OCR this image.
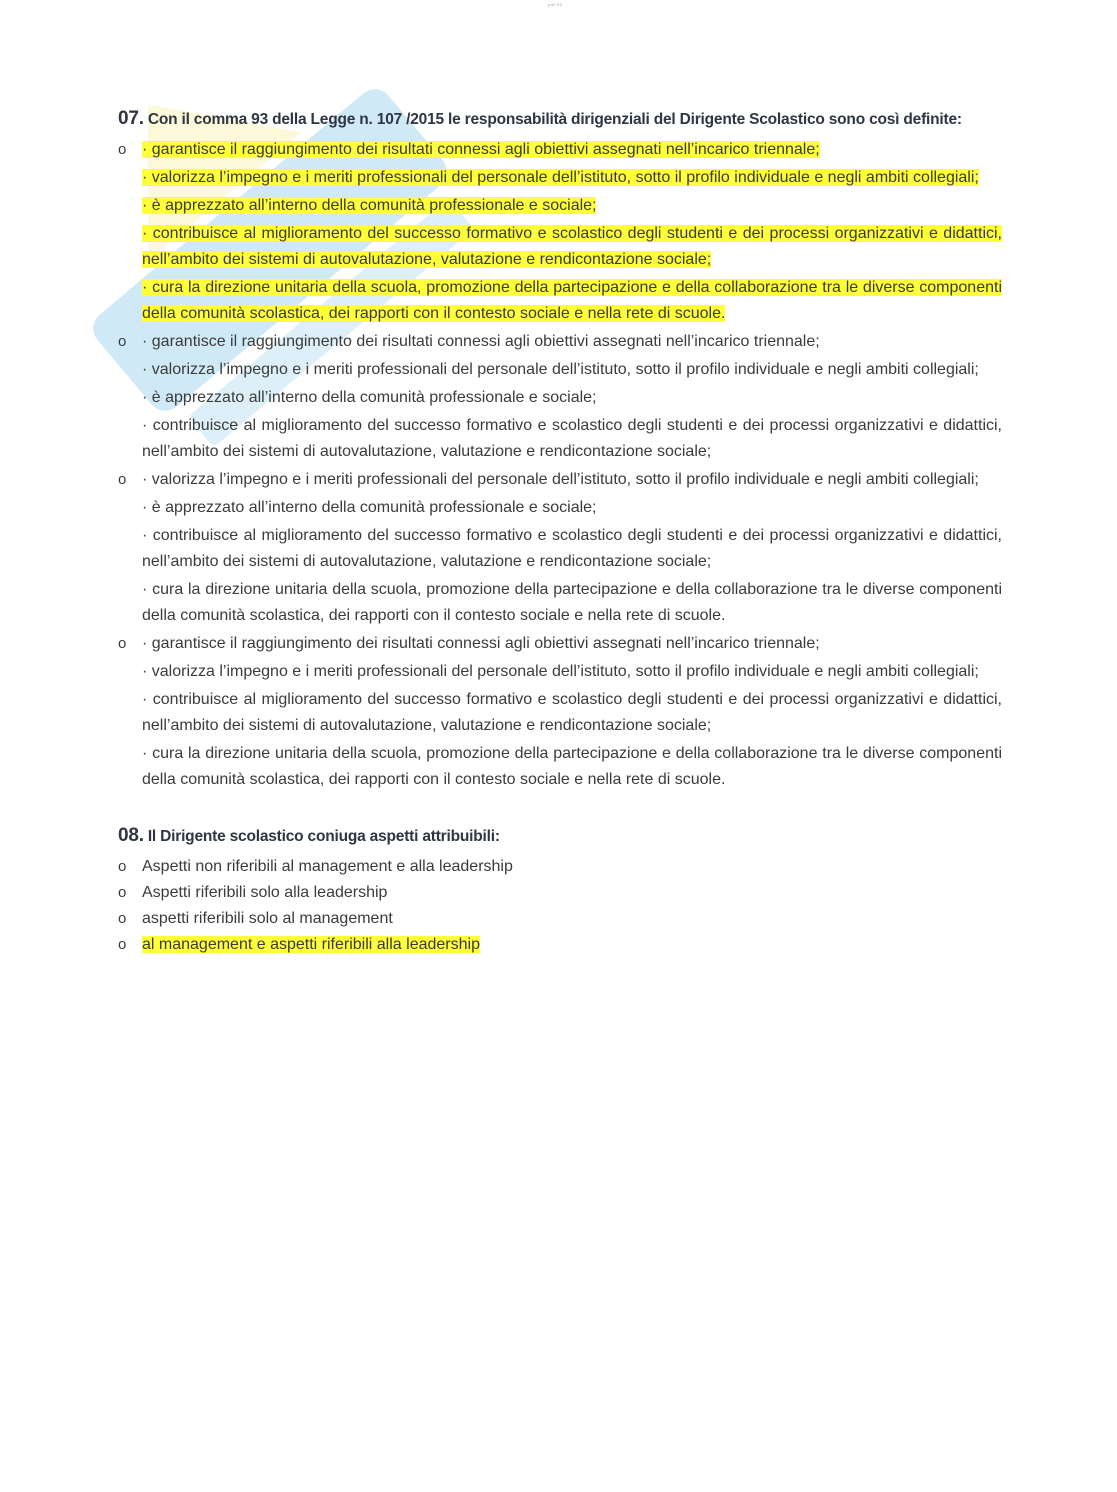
pdf-03
07. Con il comma 93 della Legge n. 107 /2015 le responsabilità dirigenziali del Dirigente Scolastico sono così definite:
o · garantisce il raggiungimento dei risultati connessi agli obiettivi assegnati nell’incarico triennale;
· valorizza l’impegno e i meriti professionali del personale dell’istituto, sotto il profilo individuale e negli ambiti collegiali;
· è apprezzato all’interno della comunità professionale e sociale;
· contribuisce al miglioramento del successo formativo e scolastico degli studenti e dei processi organizzativi e didattici, nell’ambito dei sistemi di autovalutazione, valutazione e rendicontazione sociale;
· cura la direzione unitaria della scuola, promozione della partecipazione e della collaborazione tra le diverse componenti della comunità scolastica, dei rapporti con il contesto sociale e nella rete di scuole.
o · garantisce il raggiungimento dei risultati connessi agli obiettivi assegnati nell’incarico triennale;
· valorizza l’impegno e i meriti professionali del personale dell’istituto, sotto il profilo individuale e negli ambiti collegiali;
· è apprezzato all’interno della comunità professionale e sociale;
· contribuisce al miglioramento del successo formativo e scolastico degli studenti e dei processi organizzativi e didattici, nell’ambito dei sistemi di autovalutazione, valutazione e rendicontazione sociale;
o · valorizza l’impegno e i meriti professionali del personale dell’istituto, sotto il profilo individuale e negli ambiti collegiali;
· è apprezzato all’interno della comunità professionale e sociale;
· contribuisce al miglioramento del successo formativo e scolastico degli studenti e dei processi organizzativi e didattici, nell’ambito dei sistemi di autovalutazione, valutazione e rendicontazione sociale;
· cura la direzione unitaria della scuola, promozione della partecipazione e della collaborazione tra le diverse componenti della comunità scolastica, dei rapporti con il contesto sociale e nella rete di scuole.
o · garantisce il raggiungimento dei risultati connessi agli obiettivi assegnati nell’incarico triennale;
· valorizza l’impegno e i meriti professionali del personale dell’istituto, sotto il profilo individuale e negli ambiti collegiali;
· contribuisce al miglioramento del successo formativo e scolastico degli studenti e dei processi organizzativi e didattici, nell’ambito dei sistemi di autovalutazione, valutazione e rendicontazione sociale;
· cura la direzione unitaria della scuola, promozione della partecipazione e della collaborazione tra le diverse componenti della comunità scolastica, dei rapporti con il contesto sociale e nella rete di scuole.
08. Il Dirigente scolastico coniuga aspetti attribuibili:
o Aspetti non riferibili al management e alla leadership
o Aspetti riferibili solo alla leadership
o aspetti riferibili solo al management
o al management e aspetti riferibili alla leadership
